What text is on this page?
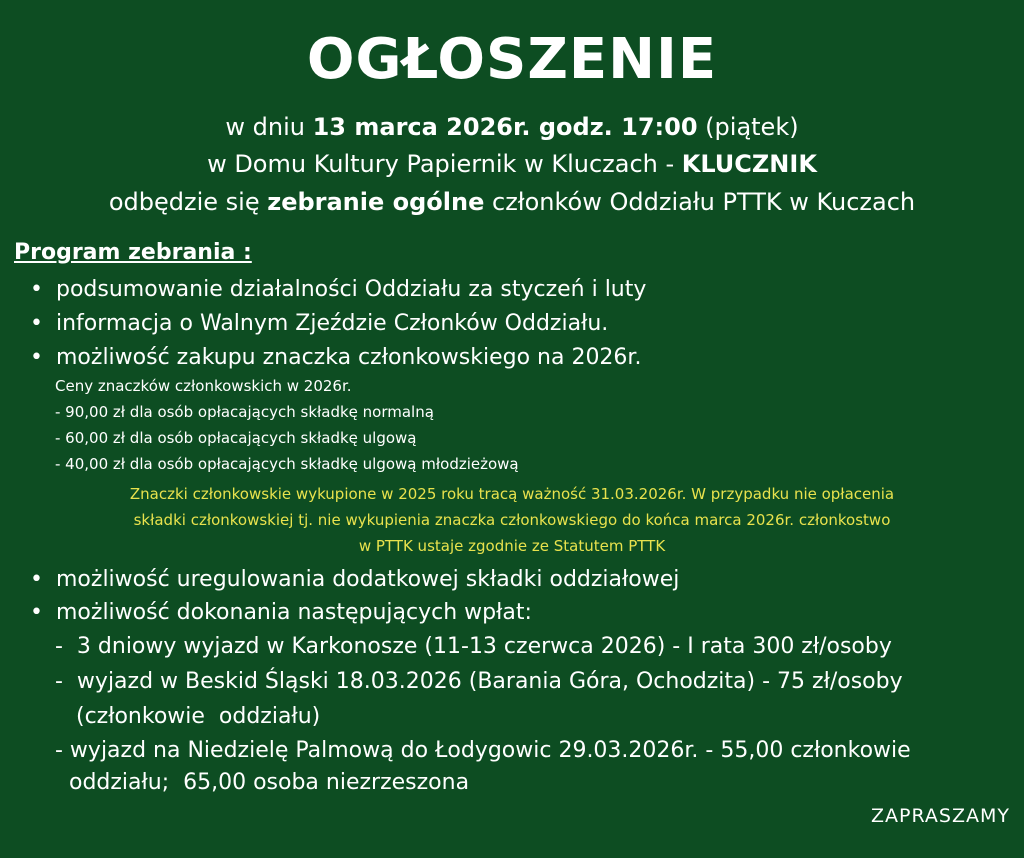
OGŁOSZENIE
w dniu 13 marca 2026r. godz. 17:00 (piątek)
w Domu Kultury Papiernik w Kluczach - KLUCZNIK
odbędzie się zebranie ogólne członków Oddziału PTTK w Kuczach
Program zebrania :
• podsumowanie działalności Oddziału za styczeń i luty
• informacja o Walnym Zjeździe Członków Oddziału.
• możliwość zakupu znaczka członkowskiego na 2026r.
Ceny znaczków członkowskich w 2026r.
- 90,00 zł dla osób opłacających składkę normalną
- 60,00 zł dla osób opłacających składkę ulgową
- 40,00 zł dla osób opłacających składkę ulgową młodzieżową
Znaczki członkowskie wykupione w 2025 roku tracą ważność 31.03.2026r. W przypadku nie opłacenia
składki członkowskiej tj. nie wykupienia znaczka członkowskiego do końca marca 2026r. członkostwo
w PTTK ustaje zgodnie ze Statutem PTTK
• możliwość uregulowania dodatkowej składki oddziałowej
• możliwość dokonania następujących wpłat:
-  3 dniowy wyjazd w Karkonosze (11-13 czerwca 2026) - I rata 300 zł/osoby
-  wyjazd w Beskid Śląski 18.03.2026 (Barania Góra, Ochodzita) - 75 zł/osoby
(członkowie  oddziału)
- wyjazd na Niedzielę Palmową do Łodygowic 29.03.2026r. - 55,00 członkowie
oddziału;  65,00 osoba niezrzeszona
ZAPRASZAMY
